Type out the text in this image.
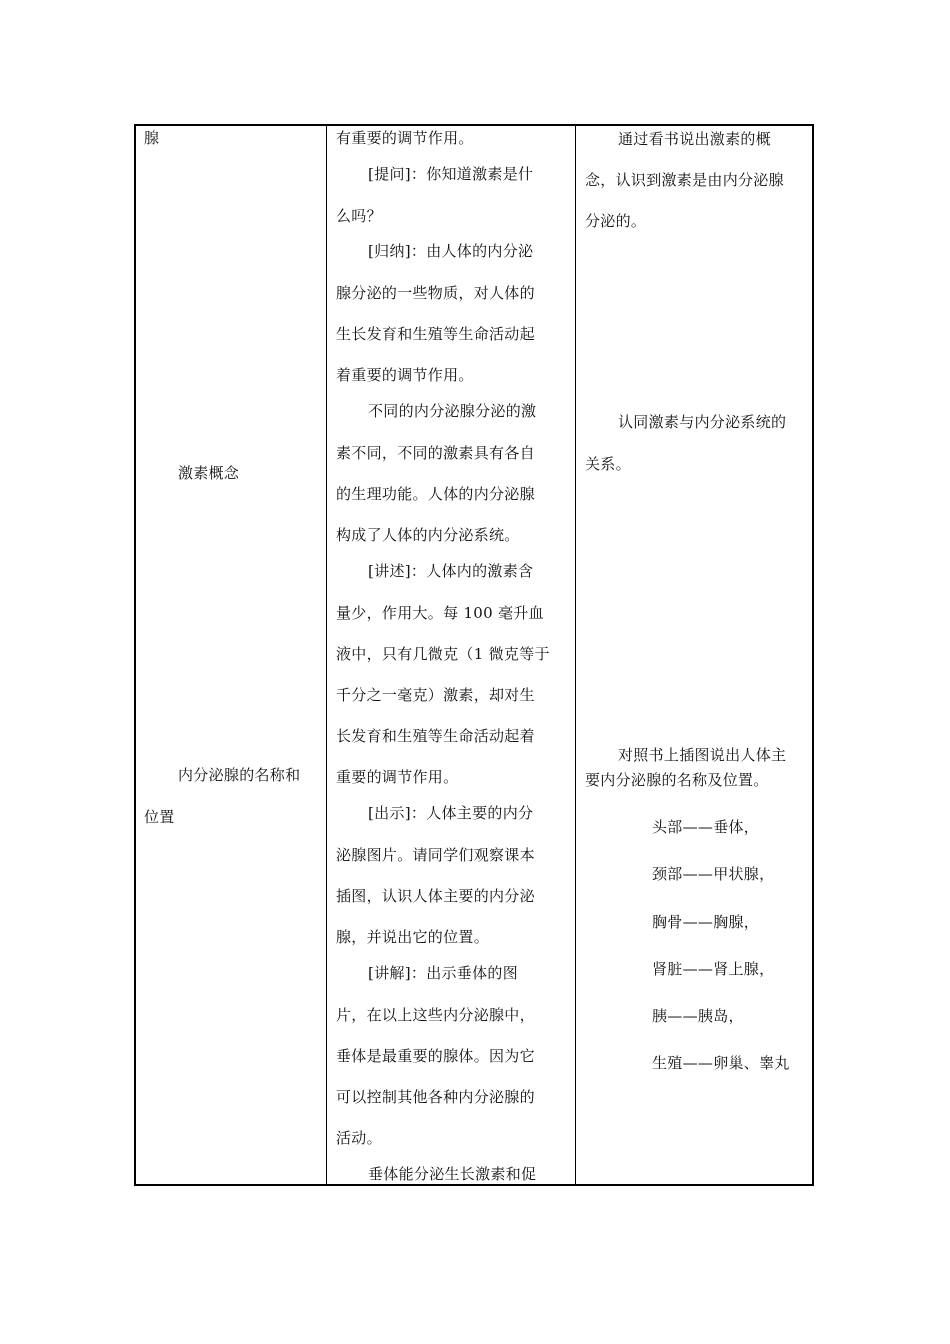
腺
激素概念
内分泌腺的名称和
位置
有重要的调节作用。
[提问]：你知道激素是什
么吗？
[归纳]：由人体的内分泌
腺分泌的一些物质，对人体的
生长发育和生殖等生命活动起
着重要的调节作用。
不同的内分泌腺分泌的激
素不同，不同的激素具有各自
的生理功能。人体的内分泌腺
构成了人体的内分泌系统。
[讲述]：人体内的激素含
量少，作用大。每 100 毫升血
液中，只有几微克（1 微克等于
千分之一毫克）激素，却对生
长发育和生殖等生命活动起着
重要的调节作用。
[出示]：人体主要的内分
泌腺图片。请同学们观察课本
插图，认识人体主要的内分泌
腺，并说出它的位置。
[讲解]：出示垂体的图
片，在以上这些内分泌腺中，
垂体是最重要的腺体。因为它
可以控制其他各种内分泌腺的
活动。
垂体能分泌生长激素和促
通过看书说出激素的概
念，认识到激素是由内分泌腺
分泌的。
认同激素与内分泌系统的
关系。
对照书上插图说出人体主
要内分泌腺的名称及位置。
头部——垂体，
颈部——甲状腺，
胸骨——胸腺，
肾脏——肾上腺，
胰——胰岛，
生殖——卵巢、睾丸
